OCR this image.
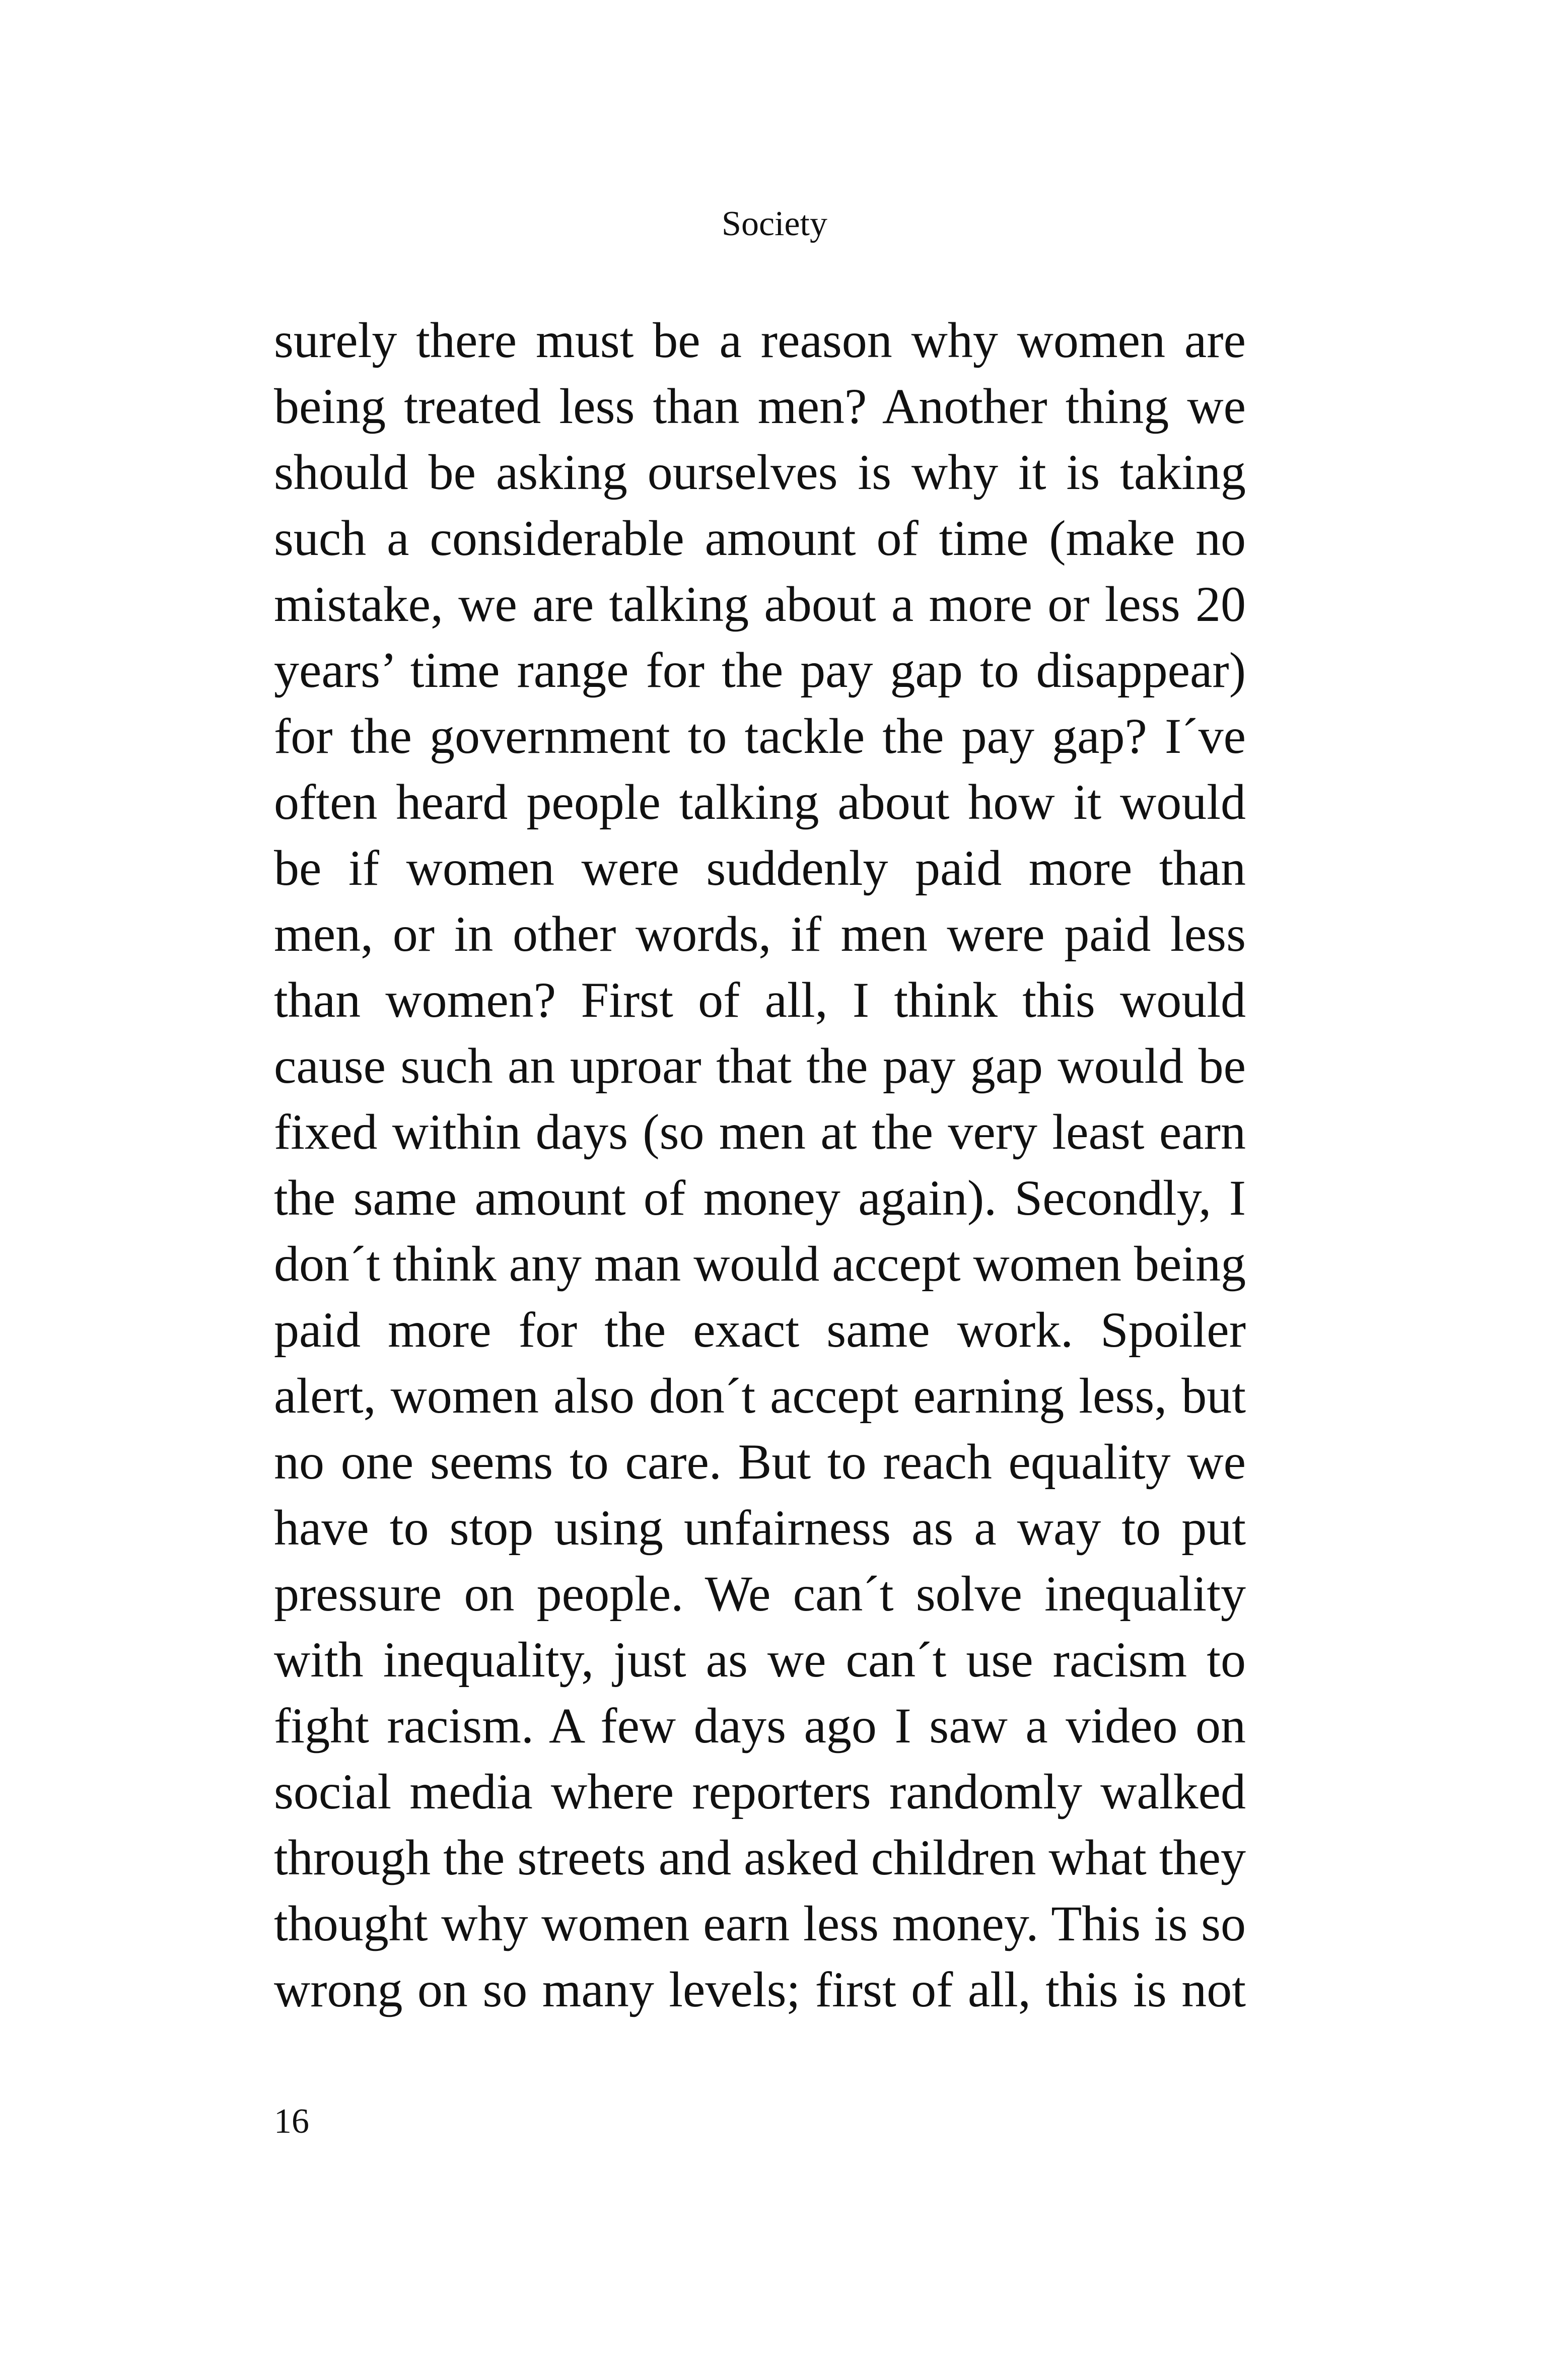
Society
surely there must be a reason why women are
being treated less than men? Another thing we
should be asking ourselves is why it is taking
such a considerable amount of time (make no
mistake, we are talking about a more or less 20
years’ time range for the pay gap to disappear)
for the government to tackle the pay gap? I´ve
often heard people talking about how it would
be if women were suddenly paid more than
men, or in other words, if men were paid less
than women? First of all, I think this would
cause such an uproar that the pay gap would be
fixed within days (so men at the very least earn
the same amount of money again). Secondly, I
don´t think any man would accept women being
paid more for the exact same work. Spoiler
alert, women also don´t accept earning less, but
no one seems to care. But to reach equality we
have to stop using unfairness as a way to put
pressure on people. We can´t solve inequality
with inequality, just as we can´t use racism to
fight racism. A few days ago I saw a video on
social media where reporters randomly walked
through the streets and asked children what they
thought why women earn less money. This is so
wrong on so many levels; first of all, this is not
16
